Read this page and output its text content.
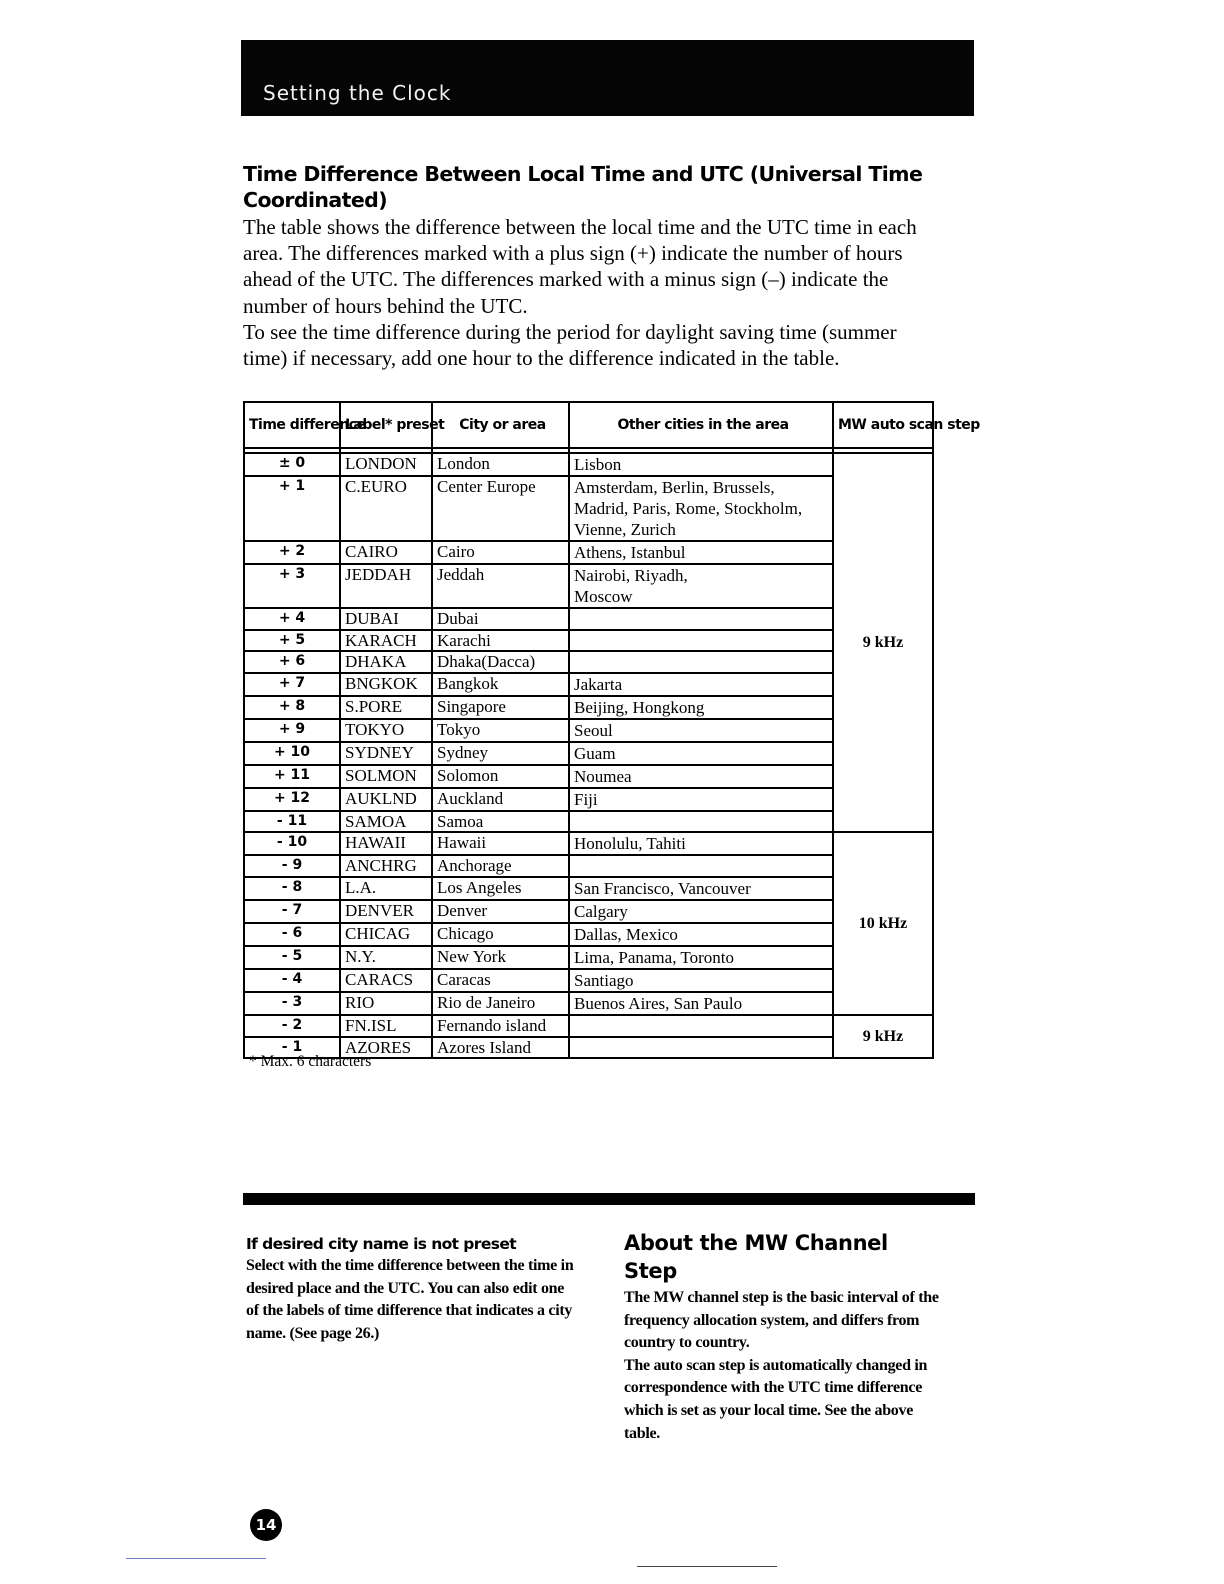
Setting the Clock
Time Difference Between Local Time and UTC (Universal Time Coordinated)

The table shows the difference between the local time and the UTC time in each area. The differences marked with a plus sign (+) indicate the number of hours ahead of the UTC. The differences marked with a minus sign (–) indicate the number of hours behind the UTC.

To see the time difference during the period for daylight saving time (summer time) if necessary, add one hour to the difference indicated in the table.

Time difference	Label* preset	City or area	Other cities in the area	MW auto scan step

± 0	LONDON	London	Lisbon	9 kHz
+ 1	C.EURO	Center Europe	Amsterdam, Berlin, Brussels, Madrid, Paris, Rome, Stockholm, Vienne, Zurich	
+ 2	CAIRO	Cairo	Athens, Istanbul	
+ 3	JEDDAH	Jeddah	Nairobi, Riyadh, Moscow	
+ 4	DUBAI	Dubai		
+ 5	KARACH	Karachi		
+ 6	DHAKA	Dhaka(Dacca)		
+ 7	BNGKOK	Bangkok	Jakarta	
+ 8	S.PORE	Singapore	Beijing, Hongkong	
+ 9	TOKYO	Tokyo	Seoul	
+ 10	SYDNEY	Sydney	Guam	
+ 11	SOLMON	Solomon	Noumea	
+ 12	AUKLND	Auckland	Fiji	
- 11	SAMOA	Samoa		
- 10	HAWAII	Hawaii	Honolulu, Tahiti	10 kHz
- 9	ANCHRG	Anchorage		
- 8	L.A.	Los Angeles	San Francisco, Vancouver	
- 7	DENVER	Denver	Calgary	
- 6	CHICAG	Chicago	Dallas, Mexico	
- 5	N.Y.	New York	Lima, Panama, Toronto	
- 4	CARACS	Caracas	Santiago	
- 3	RIO	Rio de Janeiro	Buenos Aires, San Paulo	
- 2	FN.ISL	Fernando island		9 kHz
- 1	AZORES	Azores Island		
* Max. 6 characters
If desired city name is not preset
Select with the time difference between the time in desired place and the UTC. You can also edit one of the labels of time difference that indicates a city name. (See page 26.)
About the MW Channel Step

The MW channel step is the basic interval of the frequency allocation system, and differs from country to country.

The auto scan step is automatically changed in correspondence with the UTC time difference which is set as your local time. See the above table.

14
